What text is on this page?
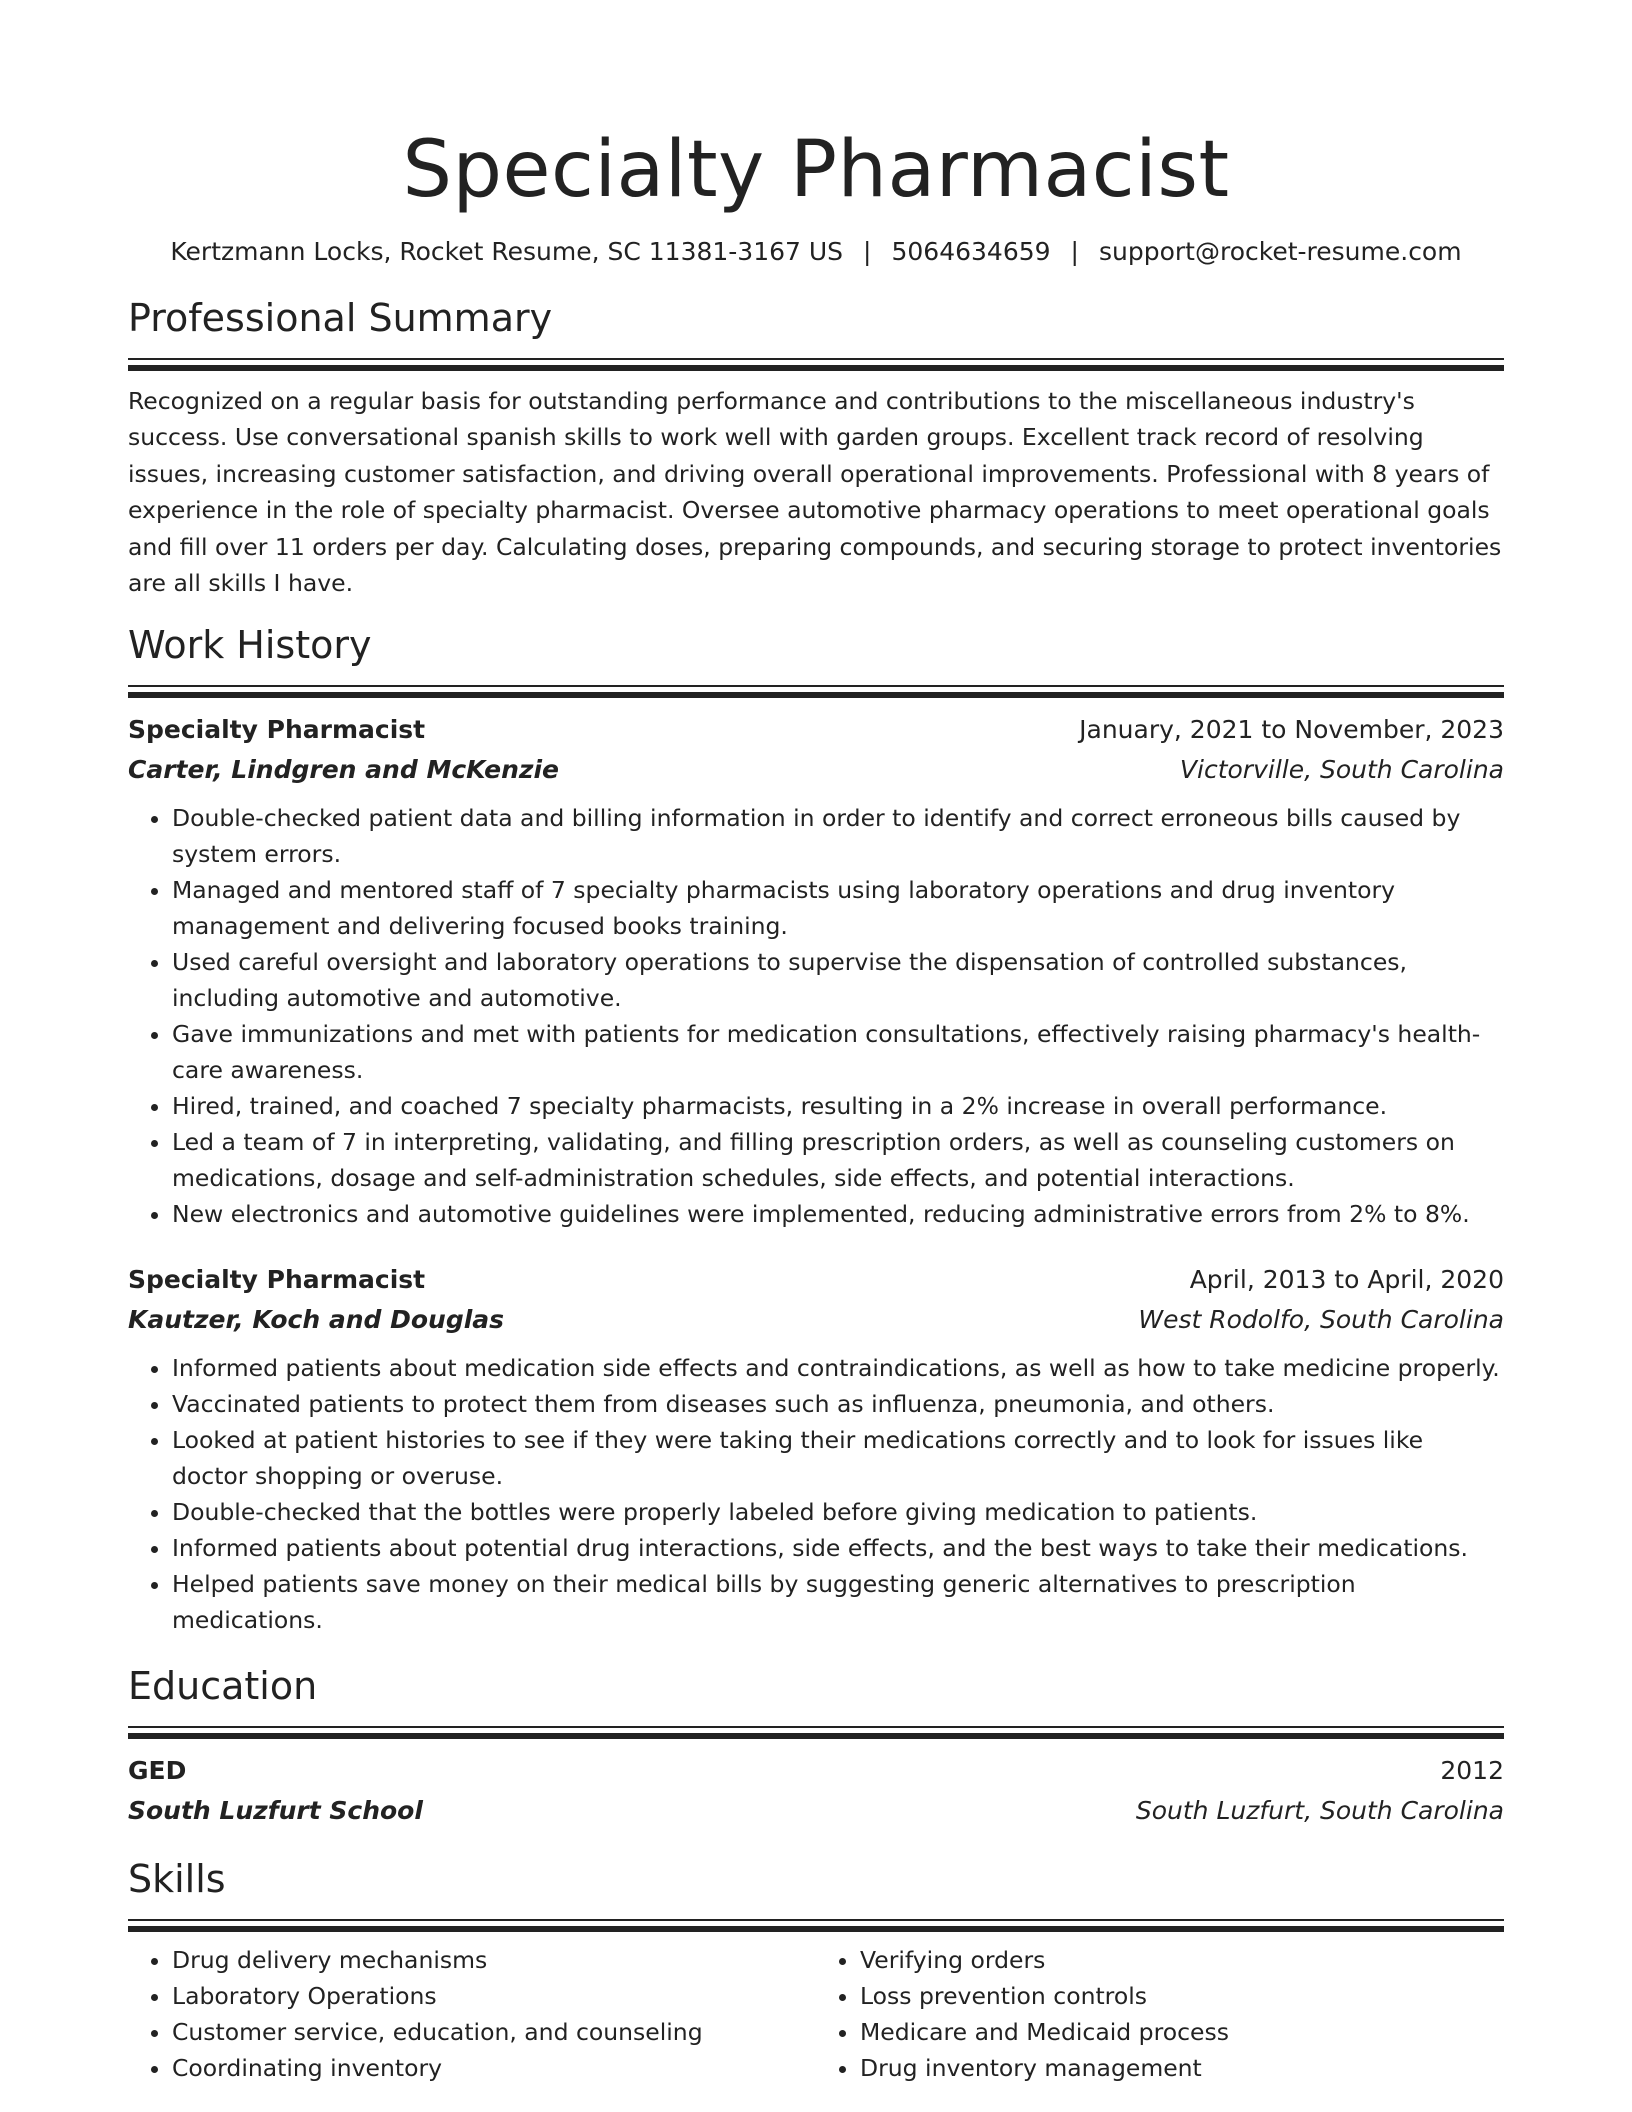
Specialty Pharmacist
Kertzmann Locks, Rocket Resume, SC 11381-3167 US | 5064634659 | support@rocket-resume.com
Professional Summary
Recognized on a regular basis for outstanding performance and contributions to the miscellaneous industry's success. Use conversational spanish skills to work well with garden groups. Excellent track record of resolving issues, increasing customer satisfaction, and driving overall operational improvements. Professional with 8 years of experience in the role of specialty pharmacist. Oversee automotive pharmacy operations to meet operational goals and fill over 11 orders per day. Calculating doses, preparing compounds, and securing storage to protect inventories are all skills I have.
Work History
Specialty Pharmacist	January, 2021 to November, 2023
Carter, Lindgren and McKenzie	Victorville, South Carolina
• Double-checked patient data and billing information in order to identify and correct erroneous bills caused by system errors.
• Managed and mentored staff of 7 specialty pharmacists using laboratory operations and drug inventory management and delivering focused books training.
• Used careful oversight and laboratory operations to supervise the dispensation of controlled substances, including automotive and automotive.
• Gave immunizations and met with patients for medication consultations, effectively raising pharmacy's health-care awareness.
• Hired, trained, and coached 7 specialty pharmacists, resulting in a 2% increase in overall performance.
• Led a team of 7 in interpreting, validating, and filling prescription orders, as well as counseling customers on medications, dosage and self-administration schedules, side effects, and potential interactions.
• New electronics and automotive guidelines were implemented, reducing administrative errors from 2% to 8%.
Specialty Pharmacist	April, 2013 to April, 2020
Kautzer, Koch and Douglas	West Rodolfo, South Carolina
• Informed patients about medication side effects and contraindications, as well as how to take medicine properly.
• Vaccinated patients to protect them from diseases such as influenza, pneumonia, and others.
• Looked at patient histories to see if they were taking their medications correctly and to look for issues like doctor shopping or overuse.
• Double-checked that the bottles were properly labeled before giving medication to patients.
• Informed patients about potential drug interactions, side effects, and the best ways to take their medications.
• Helped patients save money on their medical bills by suggesting generic alternatives to prescription medications.
Education
GED	2012
South Luzfurt School	South Luzfurt, South Carolina
Skills
• Drug delivery mechanisms
• Laboratory Operations
• Customer service, education, and counseling
• Coordinating inventory
• Verifying orders
• Loss prevention controls
• Medicare and Medicaid process
• Drug inventory management
